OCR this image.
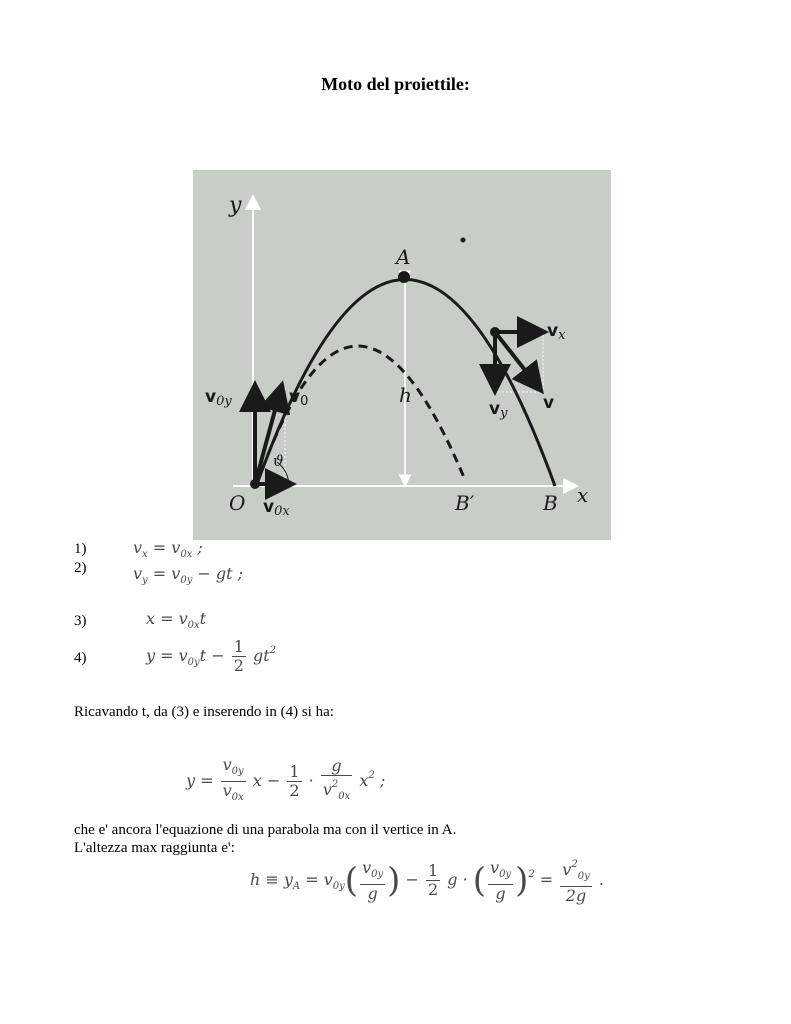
Moto del proiettile:
y
x
A
O	B′	B
h
ϑ
v0y	v0
v0x
vx
vy
v
1)
2)
3)
4)
$v_x = v_{0x}$ ;
$v_y = v_{0y}$ − gt ;
$x = v_{0x}t$
$y = v_{0y}t - \frac{1}{2} gt^2$
Ricavando t, da (3) e inserendo in (4) si ha:
$y = \frac{v_{0y}}{v_{0x}}$ $x - \frac{1}{2} \cdot \frac{g}{v^2_{0x}} x^2$ ;
che e' ancora l'equazione di una parabola ma con il vertice in A.
L'altezza max raggiunta e':
$h \equiv y_A = v_{0y}( \frac{v_{0y}}{g}$ ) − $\frac{1}{2}$ g · ( $\frac{v_{0y}}{g} )^2 = \frac{v^2_{0y}}{2g}$ .
